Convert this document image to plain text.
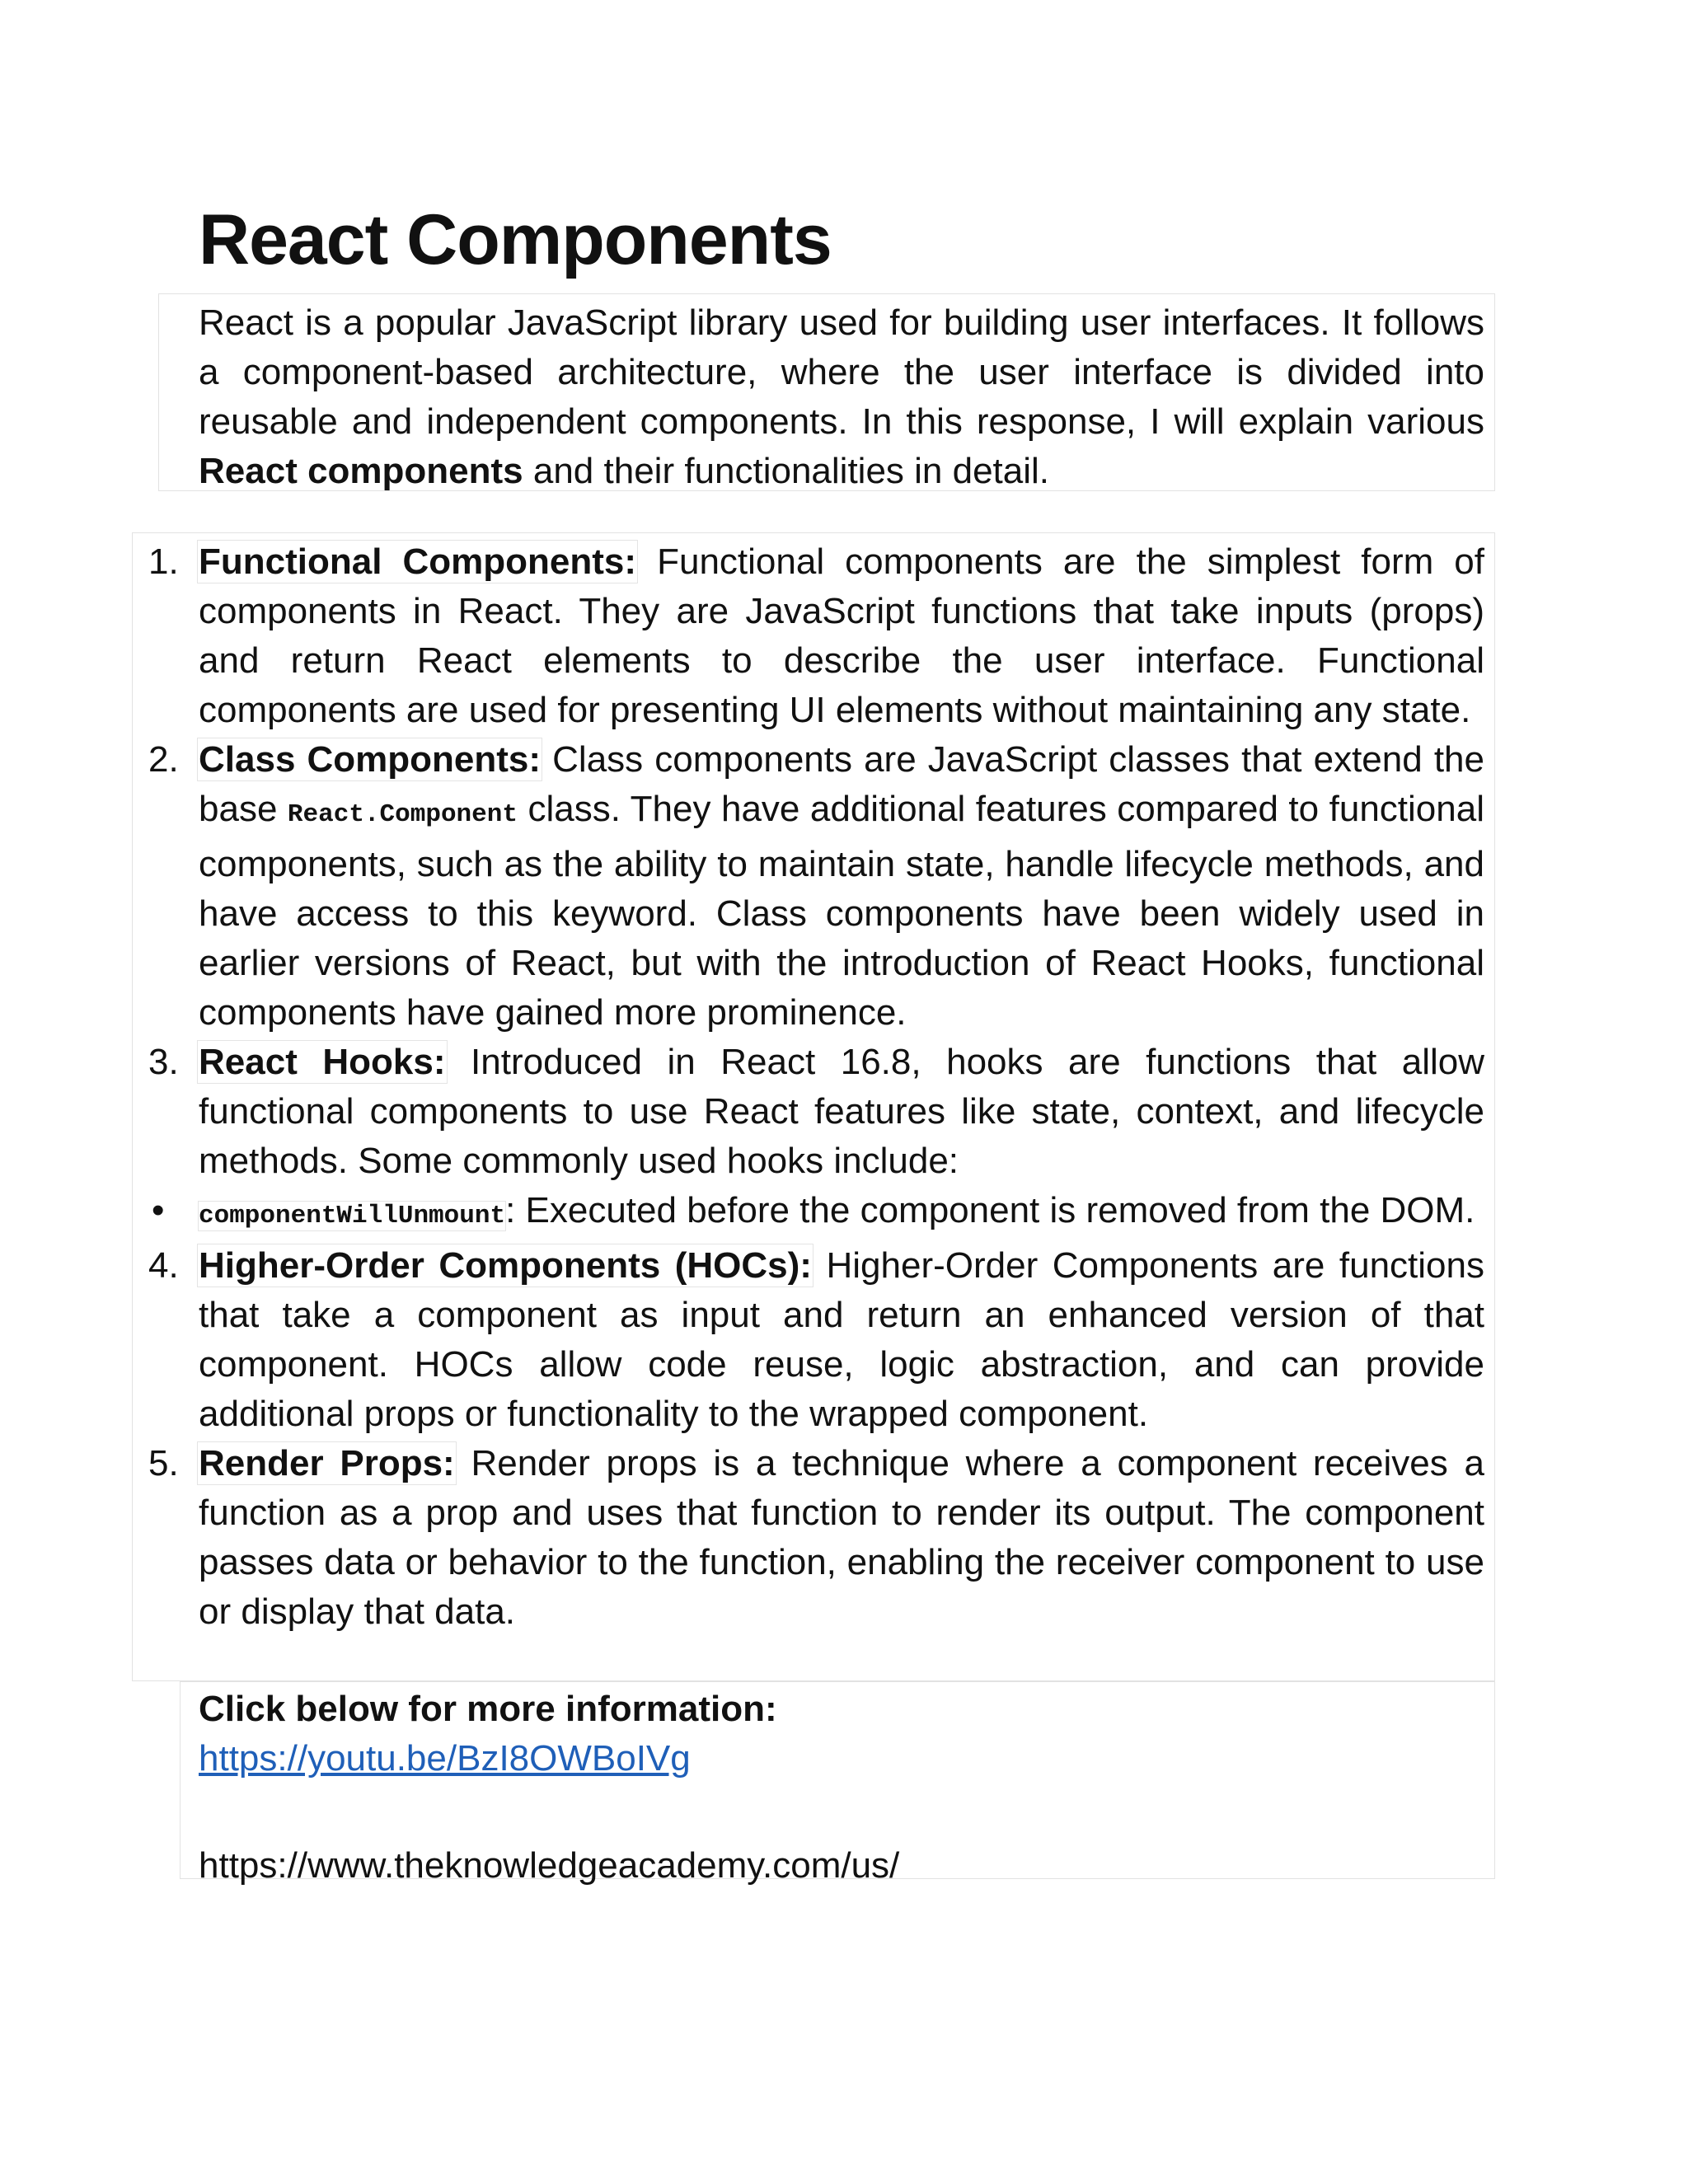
React Components

React is a popular JavaScript library used for building user interfaces. It follows a component-based architecture, where the user interface is divided into reusable and independent components. In this response, I will explain various React components and their functionalities in detail.

1. Functional Components: Functional components are the simplest form of components in React. They are JavaScript functions that take inputs (props) and return React elements to describe the user interface. Functional components are used for presenting UI elements without maintaining any state.
2. Class Components: Class components are JavaScript classes that extend the base React.Component class. They have additional features compared to functional components, such as the ability to maintain state, handle lifecycle methods, and have access to this keyword. Class components have been widely used in earlier versions of React, but with the introduction of React Hooks, functional components have gained more prominence.
3. React Hooks: Introduced in React 16.8, hooks are functions that allow functional components to use React features like state, context, and lifecycle methods. Some commonly used hooks include:
• componentWillUnmount: Executed before the component is removed from the DOM.
4. Higher-Order Components (HOCs): Higher-Order Components are functions that take a component as input and return an enhanced version of that component. HOCs allow code reuse, logic abstraction, and can provide additional props or functionality to the wrapped component.
5. Render Props: Render props is a technique where a component receives a function as a prop and uses that function to render its output. The component passes data or behavior to the function, enabling the receiver component to use or display that data.

Click below for more information:

https://youtu.be/BzI8OWBoIVg
https://www.theknowledgeacademy.com/us/
